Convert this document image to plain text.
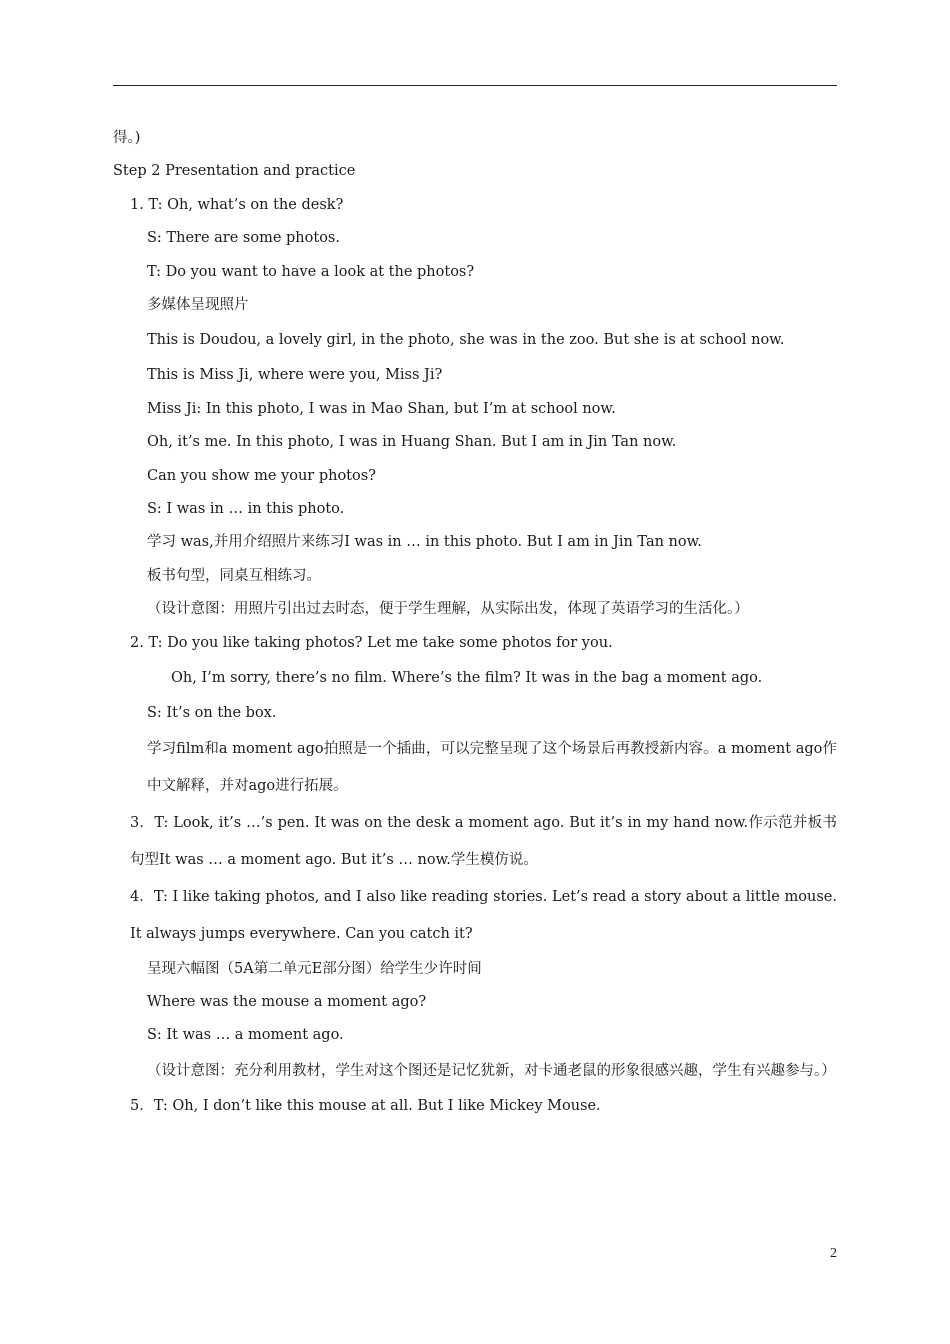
得。)
Step 2 Presentation and practice
1. T: Oh, what’s on the desk?
S: There are some photos.
T: Do you want to have a look at the photos?
多媒体呈现照片
This is Doudou, a lovely girl, in the photo, she was in the zoo. But she is at school now.
This is Miss Ji, where were you, Miss Ji?
Miss Ji: In this photo, I was in Mao Shan, but I’m at school now.
Oh, it’s me. In this photo, I was in Huang Shan. But I am in Jin Tan now.
Can you show me your photos?
S: I was in … in this photo.
学习 was,并用介绍照片来练习I was in … in this photo. But I am in Jin Tan now.
板书句型，同桌互相练习。
（设计意图：用照片引出过去时态，便于学生理解，从实际出发，体现了英语学习的生活化。）
2. T: Do you like taking photos? Let me take some photos for you.
Oh, I’m sorry, there’s no film. Where’s the film? It was in the bag a moment ago.
S: It’s on the box.
学习film和a moment ago拍照是一个插曲，可以完整呈现了这个场景后再教授新内容。a moment ago作中文解释，并对ago进行拓展。
3．T: Look, it’s …’s pen. It was on the desk a moment ago. But it’s in my hand now.作示范并板书句型It was … a moment ago. But it’s … now.学生模仿说。
4．T: I like taking photos, and I also like reading stories. Let’s read a story about a little mouse. It always jumps everywhere. Can you catch it?
呈现六幅图（5A第二单元E部分图）给学生少许时间
Where was the mouse a moment ago?
S: It was … a moment ago.
（设计意图：充分利用教材，学生对这个图还是记忆犹新，对卡通老鼠的形象很感兴趣，学生有兴趣参与。）
5．T: Oh, I don’t like this mouse at all. But I like Mickey Mouse.
2
